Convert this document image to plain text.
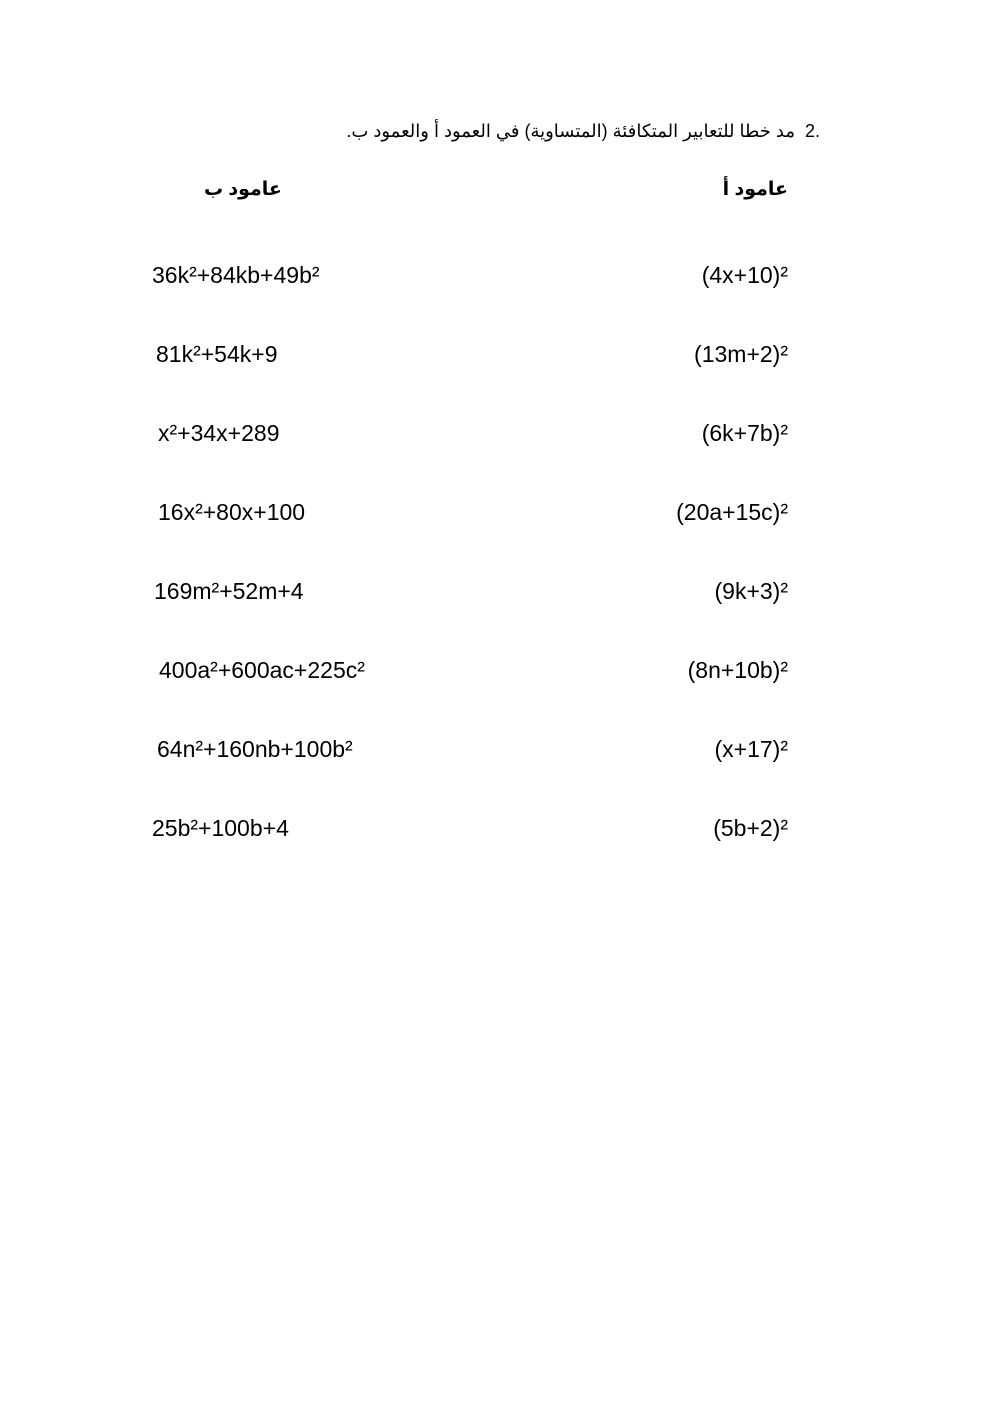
2.مد خطا للتعابير المتكافئة (المتساوية) في العمود أ والعمود ب.
عامود أ
عامود ب
(4x+10)²
(13m+2)²
(6k+7b)²
(20a+15c)²
(9k+3)²
(8n+10b)²
(x+17)²
(5b+2)²
36k²+84kb+49b²
81k²+54k+9
x²+34x+289
16x²+80x+100
169m²+52m+4
400a²+600ac+225c²
64n²+160nb+100b²
25b²+100b+4
